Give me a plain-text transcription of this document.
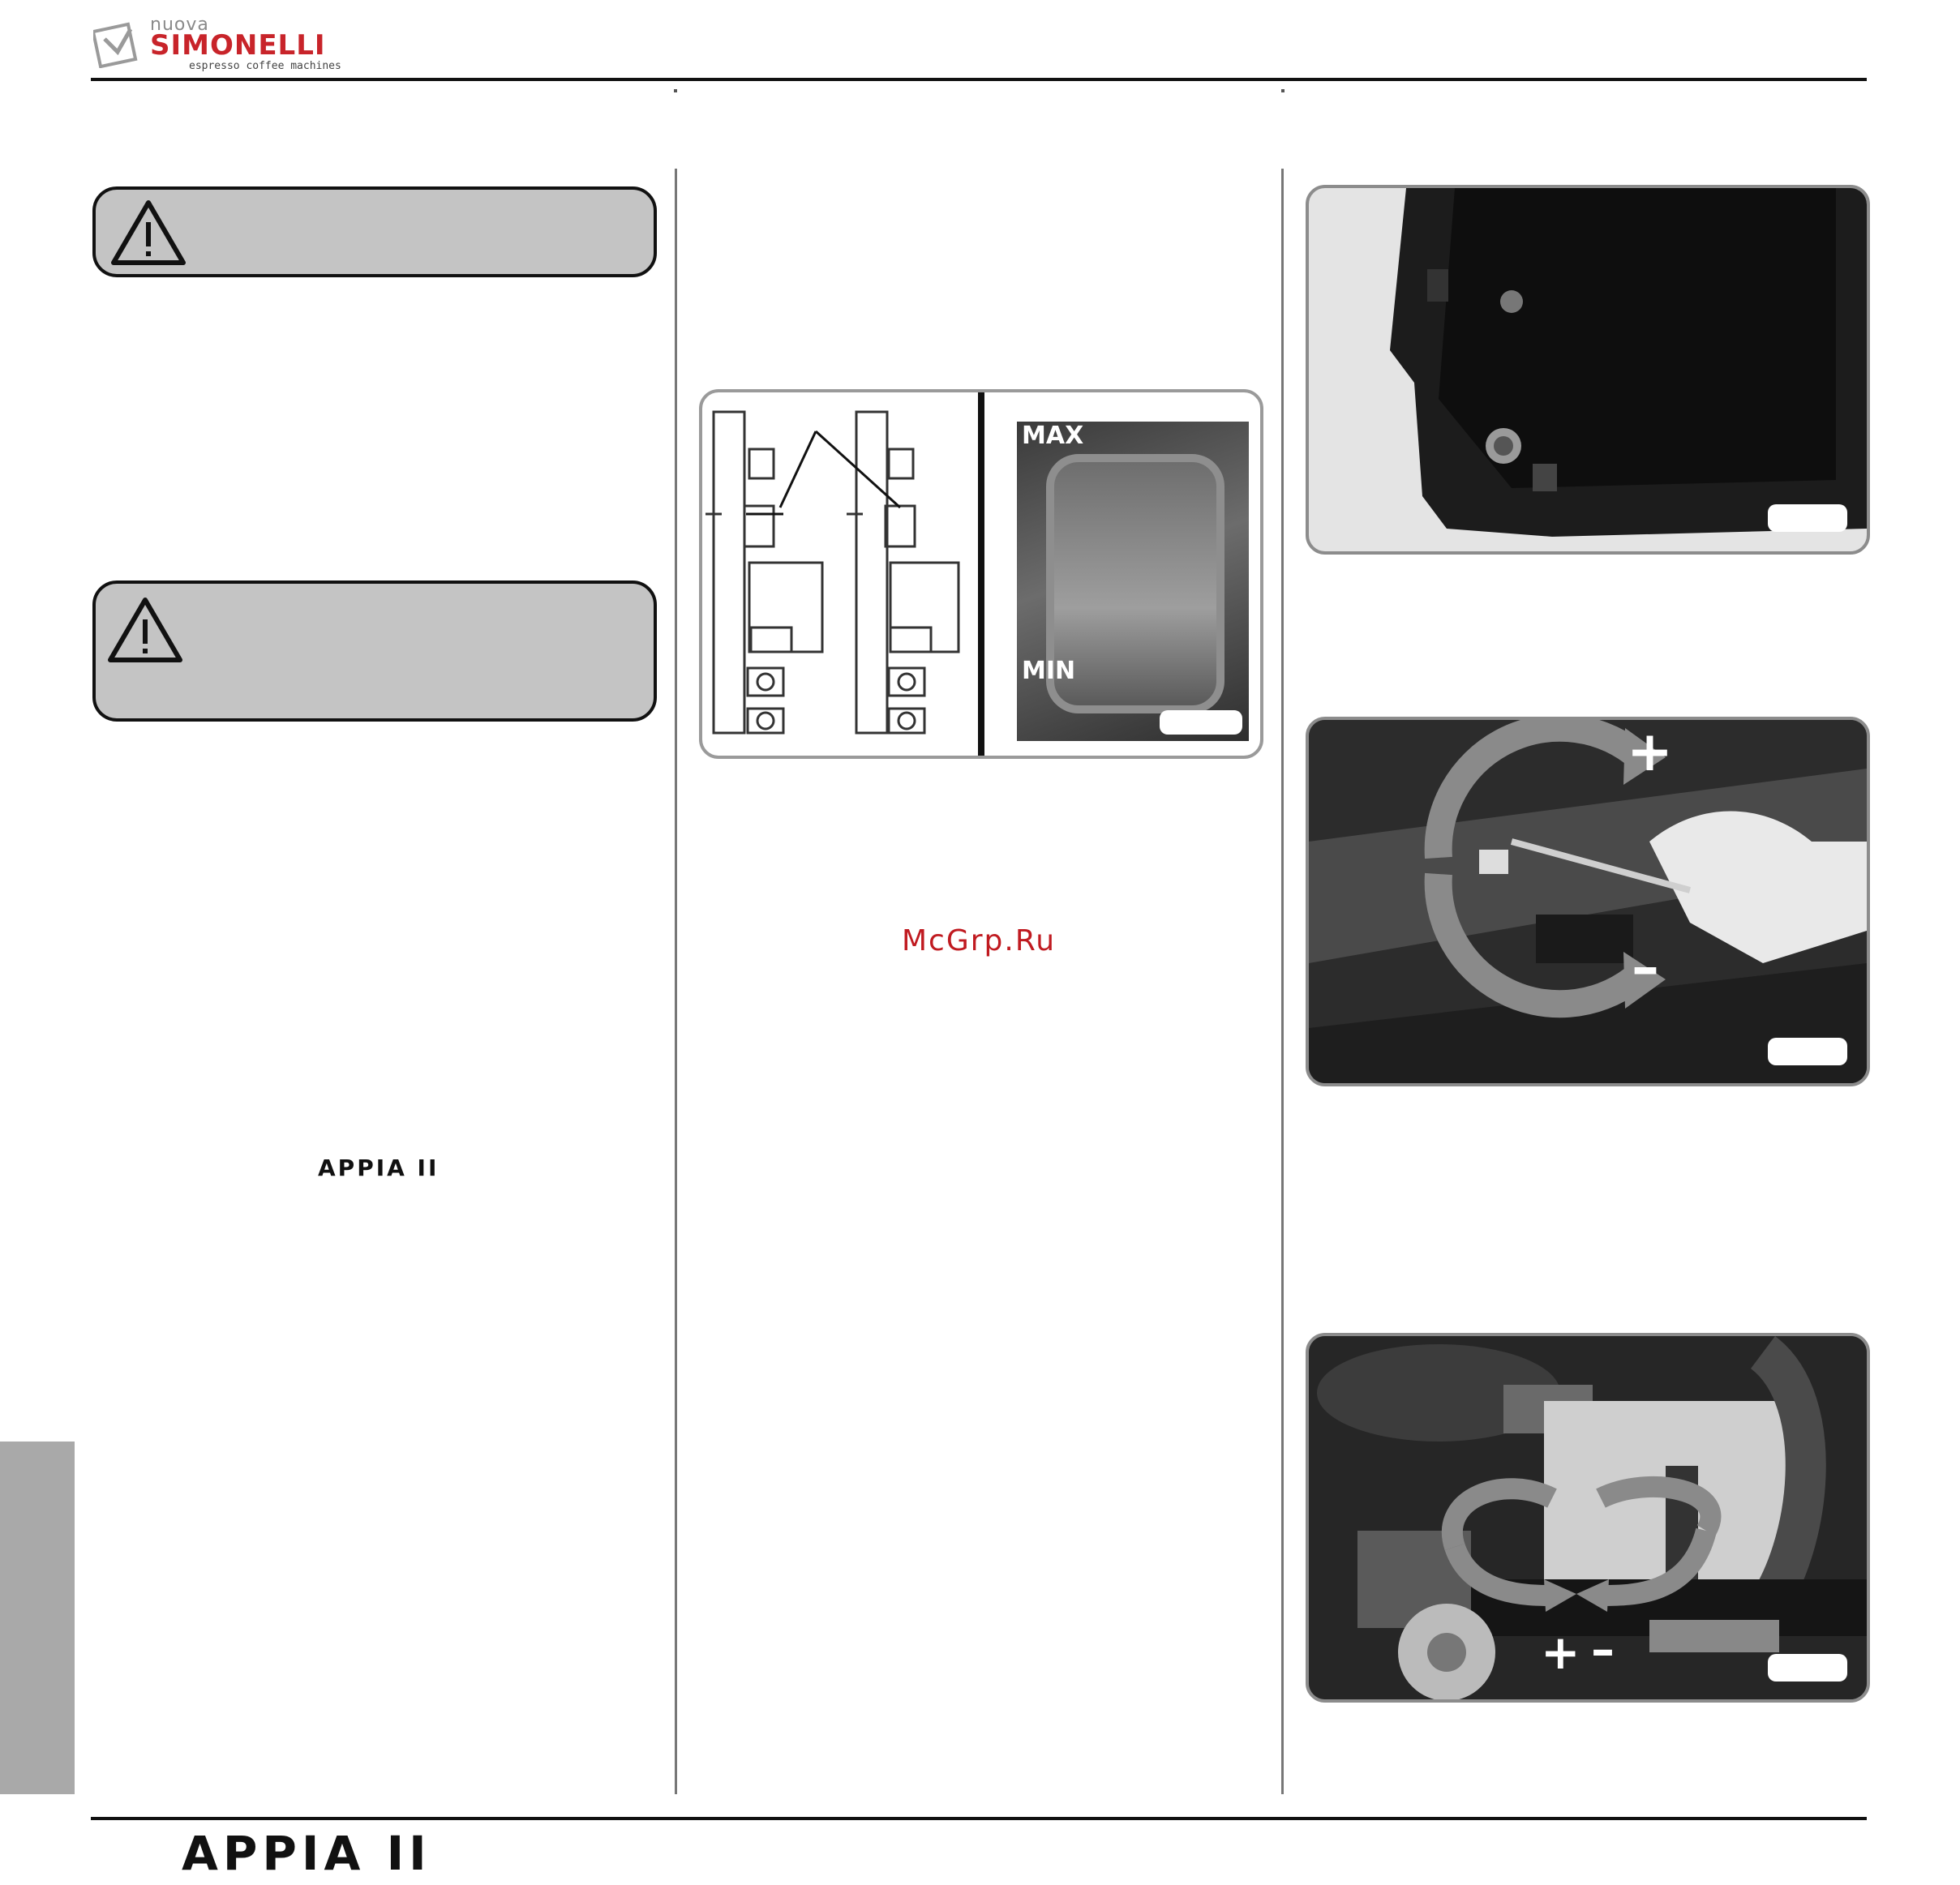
nuova
SIMONELLI
espresso coffee machines
APPIA II
MAX
MIN
McGrp.Ru
+
–
+ –
APPIA II
